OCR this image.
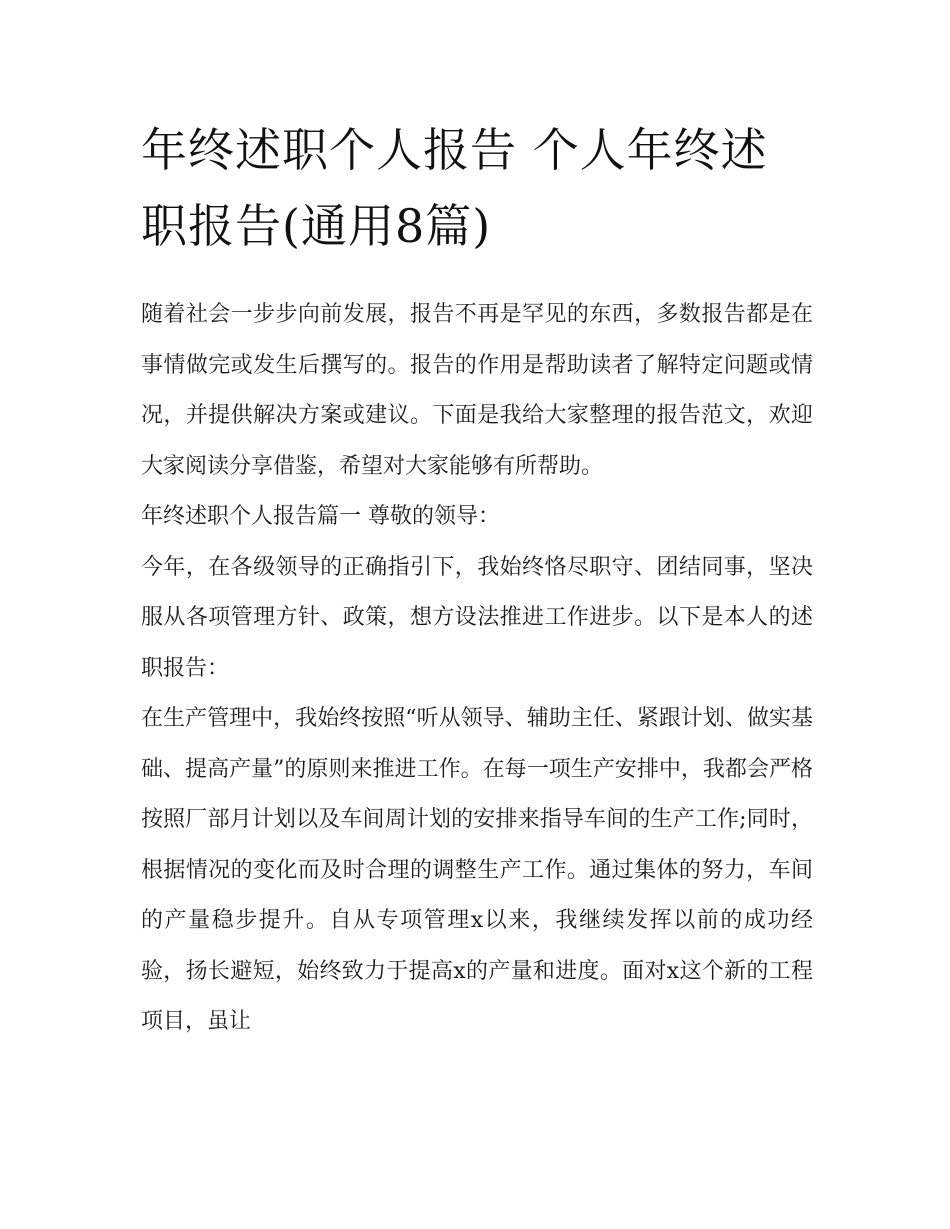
年终述职个人报告 个人年终述职报告(通用8篇)

随着社会一步步向前发展，报告不再是罕见的东西，多数报告都是在事情做完或发生后撰写的。报告的作用是帮助读者了解特定问题或情况，并提供解决方案或建议。下面是我给大家整理的报告范文，欢迎大家阅读分享借鉴，希望对大家能够有所帮助。

年终述职个人报告篇一 尊敬的领导：

今年，在各级领导的正确指引下，我始终恪尽职守、团结同事，坚决服从各项管理方针、政策，想方设法推进工作进步。以下是本人的述职报告：

在生产管理中，我始终按照“听从领导、辅助主任、紧跟计划、做实基础、提高产量”的原则来推进工作。在每一项生产安排中，我都会严格按照厂部月计划以及车间周计划的安排来指导车间的生产工作;同时，根据情况的变化而及时合理的调整生产工作。通过集体的努力，车间的产量稳步提升。自从专项管理x以来，我继续发挥以前的成功经验，扬长避短，始终致力于提高x的产量和进度。面对x这个新的工程项目，虽让
